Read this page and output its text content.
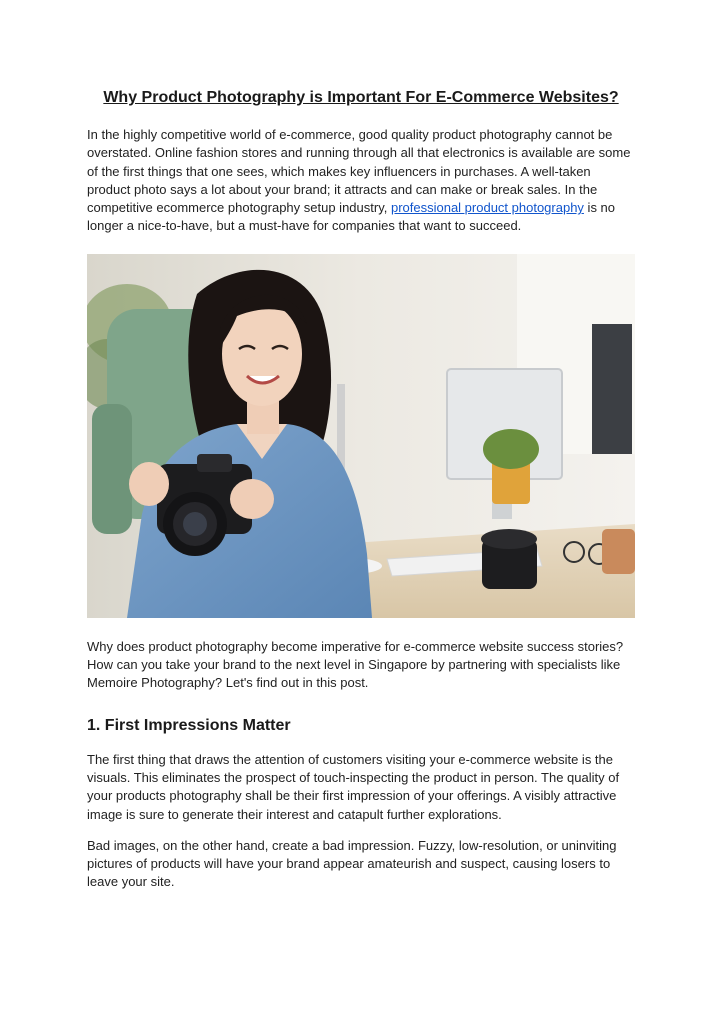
Why Product Photography is Important For E-Commerce Websites?

In the highly competitive world of e-commerce, good quality product photography cannot be overstated. Online fashion stores and running through all that electronics is available are some of the first things that one sees, which makes key influencers in purchases. A well-taken product photo says a lot about your brand; it attracts and can make or break sales. In the competitive ecommerce photography setup industry, professional product photography is no longer a nice-to-have, but a must-have for companies that want to succeed.

Why does product photography become imperative for e-commerce website success stories? How can you take your brand to the next level in Singapore by partnering with specialists like Memoire Photography? Let's find out in this post.

1. First Impressions Matter

The first thing that draws the attention of customers visiting your e-commerce website is the visuals. This eliminates the prospect of touch-inspecting the product in person. The quality of your products photography shall be their first impression of your offerings. A visibly attractive image is sure to generate their interest and catapult further explorations.

Bad images, on the other hand, create a bad impression. Fuzzy, low-resolution, or uninviting pictures of products will have your brand appear amateurish and suspect, causing losers to leave your site.
